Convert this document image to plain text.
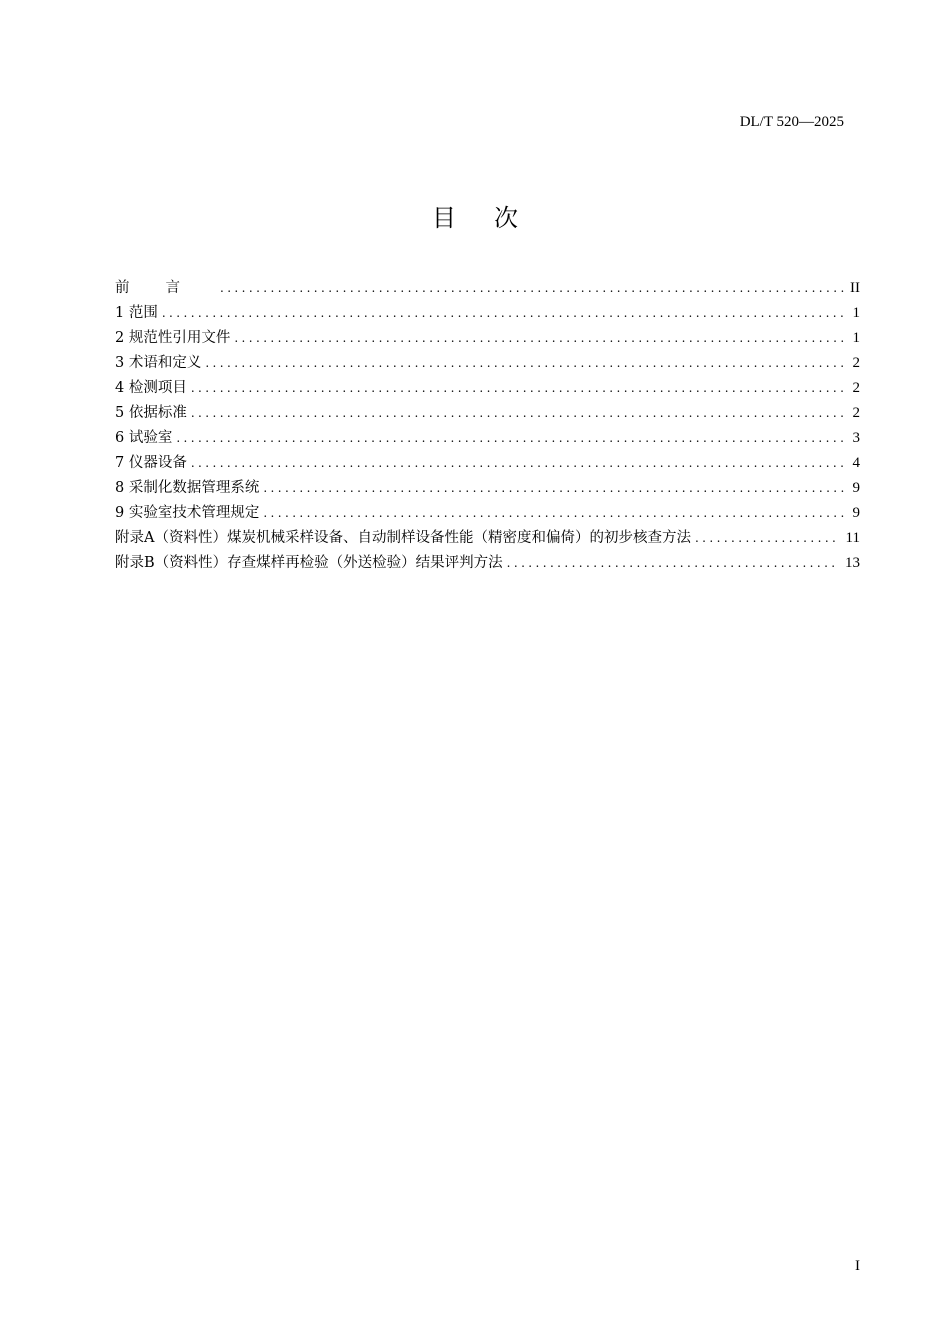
DL/T 520—2025
目次
前言 .....	II
1 范围 .....	1
2 规范性引用文件 .....	1
3 术语和定义 .....	2
4 检测项目 .....	2
5 依据标准 .....	2
6 试验室 .....	3
7 仪器设备 .....	4
8 采制化数据管理系统 .....	9
9 实验室技术管理规定 .....	9
附录A（资料性）煤炭机械采样设备、自动制样设备性能（精密度和偏倚）的初步核查方法 .....	11
附录B（资料性）存查煤样再检验（外送检验）结果评判方法 .....	13
I
